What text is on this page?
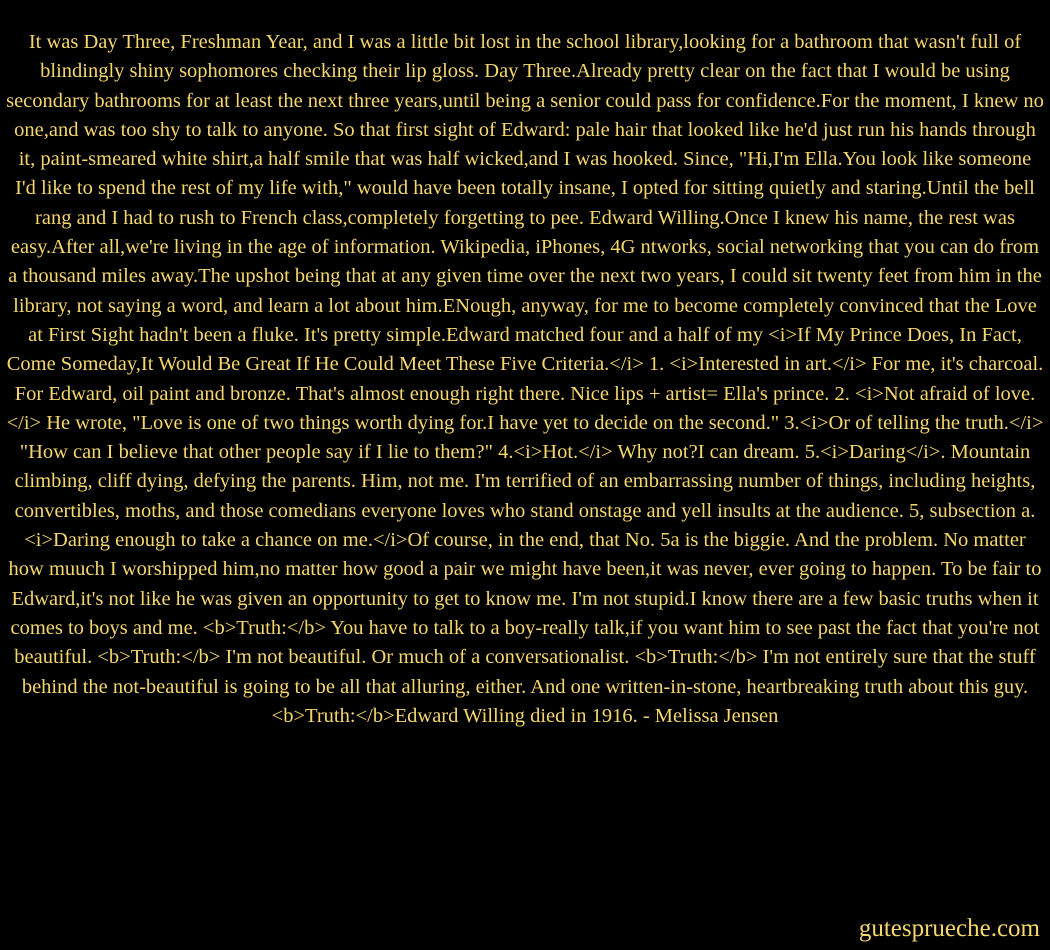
It was Day Three, Freshman Year, and I was a little bit lost in the school library,looking for a bathroom that wasn't full of blindingly shiny sophomores checking their lip gloss. Day Three.Already pretty clear on the fact that I would be using secondary bathrooms for at least the next three years,until being a senior could pass for confidence.For the moment, I knew no one,and was too shy to talk to anyone. So that first sight of Edward: pale hair that looked like he'd just run his hands through it, paint-smeared white shirt,a half smile that was half wicked,and I was hooked. Since, "Hi,I'm Ella.You look like someone I'd like to spend the rest of my life with," would have been totally insane, I opted for sitting quietly and staring.Until the bell rang and I had to rush to French class,completely forgetting to pee. Edward Willing.Once I knew his name, the rest was easy.After all,we're living in the age of information. Wikipedia, iPhones, 4G ntworks, social networking that you can do from a thousand miles away.The upshot being that at any given time over the next two years, I could sit twenty feet from him in the library, not saying a word, and learn a lot about him.ENough, anyway, for me to become completely convinced that the Love at First Sight hadn't been a fluke. It's pretty simple.Edward matched four and a half of my <i>If My Prince Does, In Fact, Come Someday,It Would Be Great If He Could Meet These Five Criteria.</i> 1. <i>Interested in art.</i> For me, it's charcoal. For Edward, oil paint and bronze. That's almost enough right there. Nice lips + artist= Ella's prince. 2. <i>Not afraid of love.</i> He wrote, "Love is one of two things worth dying for.I have yet to decide on the second." 3.<i>Or of telling the truth.</i> "How can I believe that other people say if I lie to them?" 4.<i>Hot.</i> Why not?I can dream. 5.<i>Daring</i>. Mountain climbing, cliff dying, defying the parents. Him, not me. I'm terrified of an embarrassing number of things, including heights, convertibles, moths, and those comedians everyone loves who stand onstage and yell insults at the audience. 5, subsection a. <i>Daring enough to take a chance on me.</i>Of course, in the end, that No. 5a is the biggie. And the problem. No matter how muuch I worshipped him,no matter how good a pair we might have been,it was never, ever going to happen. To be fair to Edward,it's not like he was given an opportunity to get to know me. I'm not stupid.I know there are a few basic truths when it comes to boys and me. <b>Truth:</b> You have to talk to a boy-really talk,if you want him to see past the fact that you're not beautiful. <b>Truth:</b> I'm not beautiful. Or much of a conversationalist. <b>Truth:</b> I'm not entirely sure that the stuff behind the not-beautiful is going to be all that alluring, either. And one written-in-stone, heartbreaking truth about this guy. <b>Truth:</b>Edward Willing died in 1916. - Melissa Jensen
gutesprueche.com
